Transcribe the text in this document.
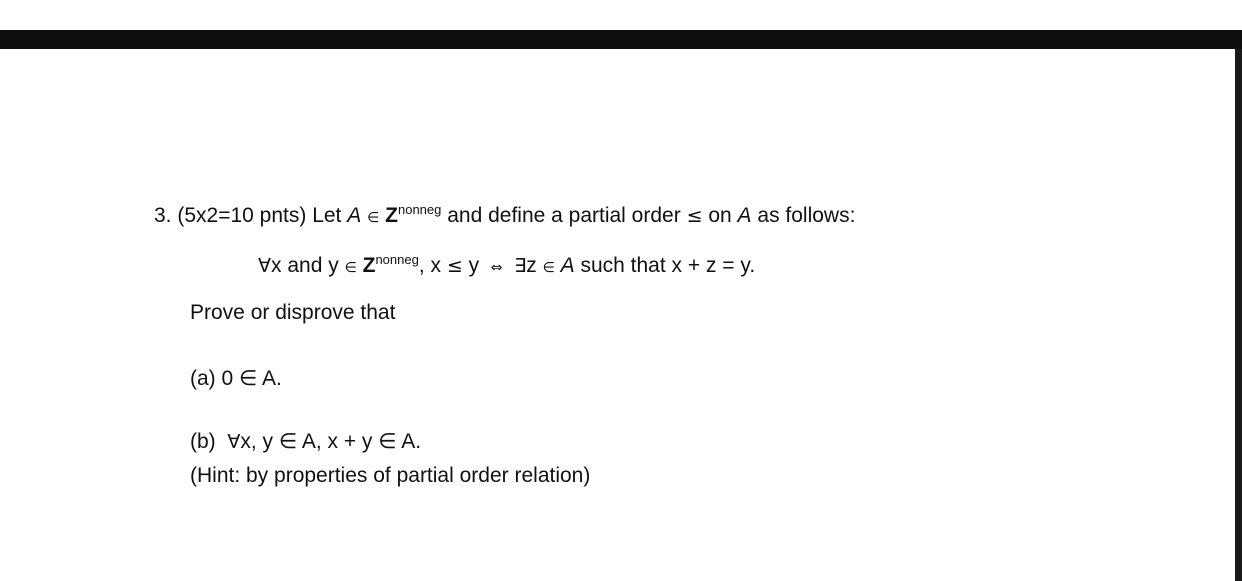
3. (5x2=10 pnts) Let A ∈ $Z^{nonneg}$ and define a partial order ≤ on A as follows:
∀x and y ∈ $Z^{nonneg}$, x ≤ y ⇔ ∃z ∈ A such that x + z = y.
Prove or disprove that
(a) 0 ∈ A.
(b) ∀x, y ∈ A, x + y ∈ A.
(Hint: by properties of partial order relation)
